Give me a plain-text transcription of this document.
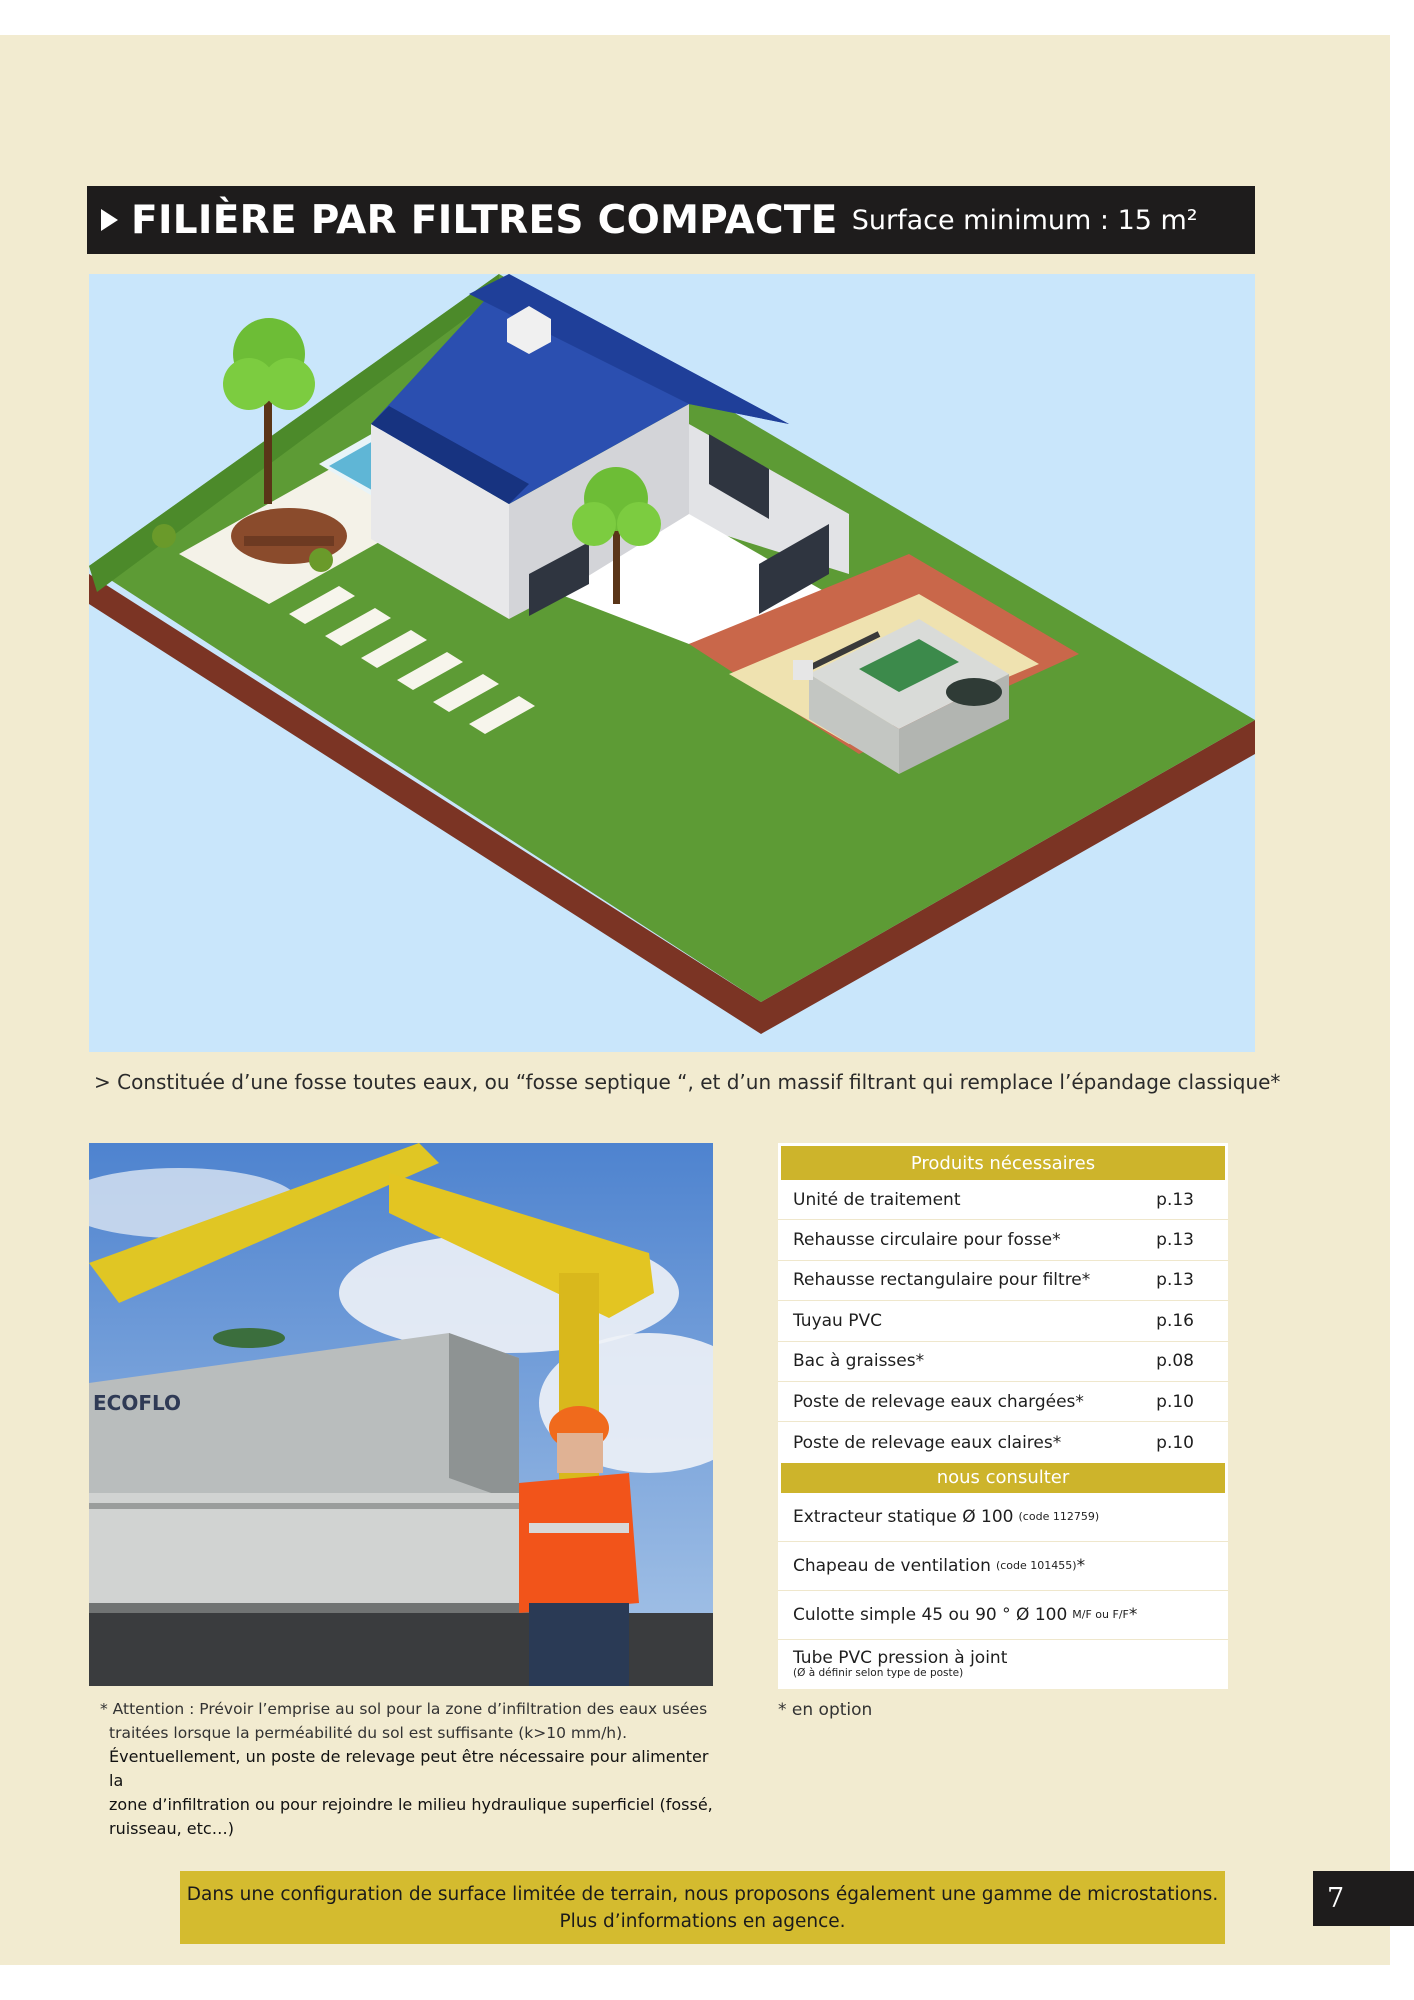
FILIÈRE PAR FILTRES COMPACTE Surface minimum : 15 m²
> Constituée d’une fosse toutes eaux, ou “fosse septique “, et d’un massif filtrant qui remplace l’épandage classique*
ECOFLO
* Attention : Prévoir l’emprise au sol pour la zone d’infiltration des eaux usées
traitées lorsque la perméabilité du sol est suffisante (k>10 mm/h).
Éventuellement, un poste de relevage peut être nécessaire pour alimenter la
zone d’infiltration ou pour rejoindre le milieu hydraulique superficiel (fossé,
ruisseau, etc…)
Produits nécessaires
Unité de traitement	p.13
Rehausse circulaire pour fosse*	p.13
Rehausse rectangulaire pour filtre*	p.13
Tuyau PVC	p.16
Bac à graisses*	p.08
Poste de relevage eaux chargées*	p.10
Poste de relevage eaux claires*	p.10
nous consulter
Extracteur statique Ø 100 (code 112759)
Chapeau de ventilation (code 101455) *
Culotte simple 45 ou 90 ° Ø 100 M/F ou F/F *
Tube PVC pression à joint
(Ø à définir selon type de poste)
* en option
Dans une configuration de surface limitée de terrain, nous proposons également une gamme de microstations.
Plus d’informations en agence.
7
